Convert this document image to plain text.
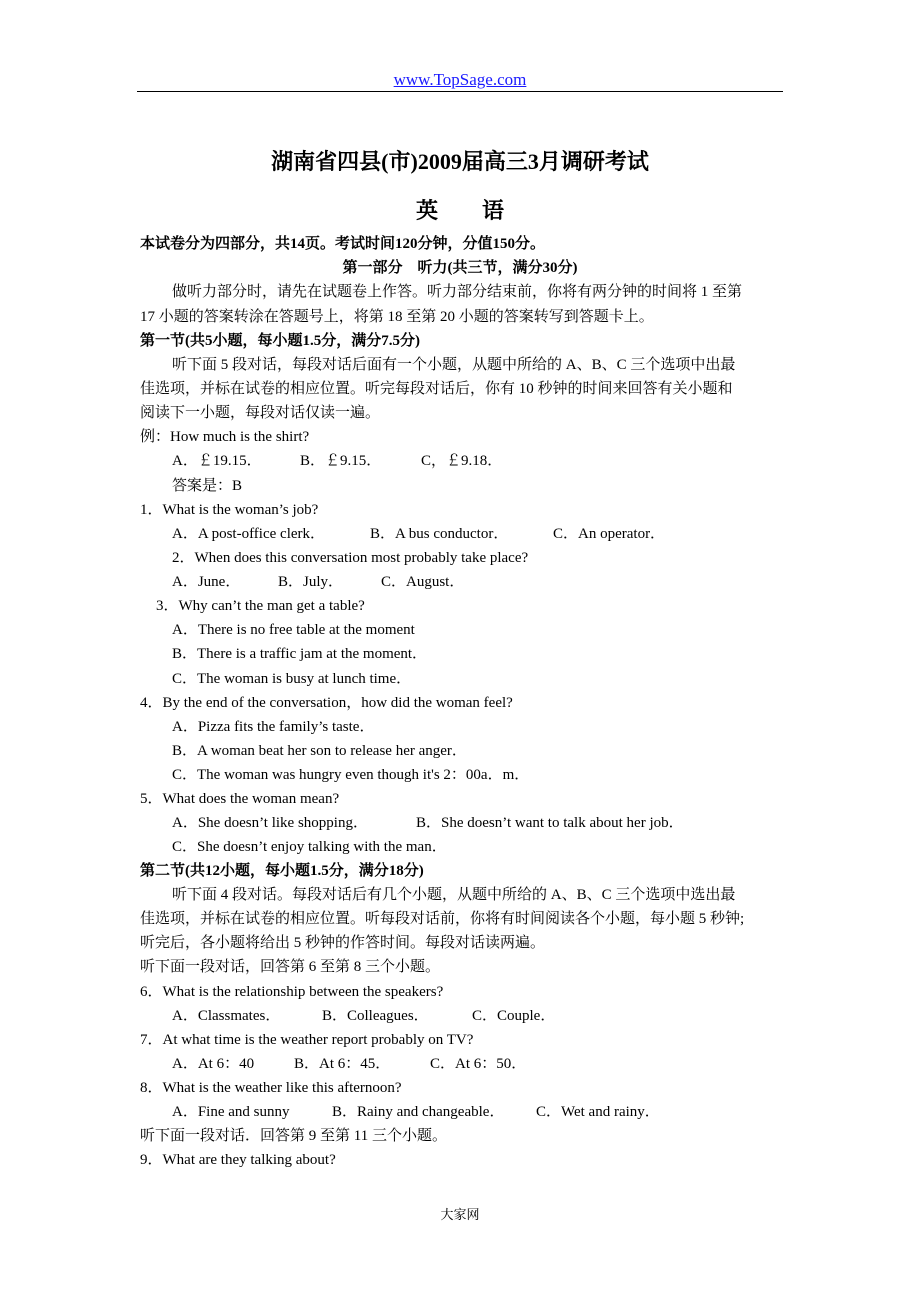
www.TopSage.com
湖南省四县(市)2009届高三3月调研考试
英　　语
本试卷分为四部分，共14页。考试时间120分钟，分值150分。
第一部分　听力(共三节，满分30分)
做听力部分时，请先在试题卷上作答。听力部分结束前，你将有两分钟的时间将 1 至第
17 小题的答案转涂在答题号上，将第 18 至第 20 小题的答案转写到答题卡上。
第一节(共5小题，每小题1.5分，满分7.5分)
听下面 5 段对话，每段对话后面有一个小题，从题中所给的 A、B、C 三个选项中出最
佳选项，并标在试卷的相应位置。听完每段对话后，你有 10 秒钟的时间来回答有关小题和
阅读下一小题，每段对话仅读一遍。
例：How much is the shirt?
A．￡19.15．	B．￡9.15．	C，￡9.18．
答案是：B
1．What is the woman’s job?
A．A post-office clerk．	B．A bus conductor．	C．An operator．
2．When does this conversation most probably take place?
A．June．	B．July．	C．August．
3．Why can’t the man get a table?
A．There is no free table at the moment
B．There is a traffic jam at the moment．
C．The woman is busy at lunch time．
4．By the end of the conversation，how did the woman feel?
A．Pizza fits the family’s taste．
B．A woman beat her son to release her anger．
C．The woman was hungry even though it's 2：00a．m．
5．What does the woman mean?
A．She doesn’t like shopping．	B．She doesn’t want to talk about her job．
C．She doesn’t enjoy talking with the man．
第二节(共12小题，每小题1.5分，满分18分)
听下面 4 段对话。每段对话后有几个小题，从题中所给的 A、B、C 三个选项中选出最
佳选项，并标在试卷的相应位置。听每段对话前，你将有时间阅读各个小题，每小题 5 秒钟;
听完后，各小题将给出 5 秒钟的作答时间。每段对话读两遍。
听下面一段对话，回答第 6 至第 8 三个小题。
6．What is the relationship between the speakers?
A．Classmates．	B．Colleagues．	C．Couple．
7．At what time is the weather report probably on TV?
A．At 6：40	B．At 6：45．	C．At 6：50．
8．What is the weather like this afternoon?
A．Fine and sunny	B．Rainy and changeable． C．Wet and rainy．
听下面一段对话．回答第 9 至第 11 三个小题。
9．What are they talking about?
大家网
